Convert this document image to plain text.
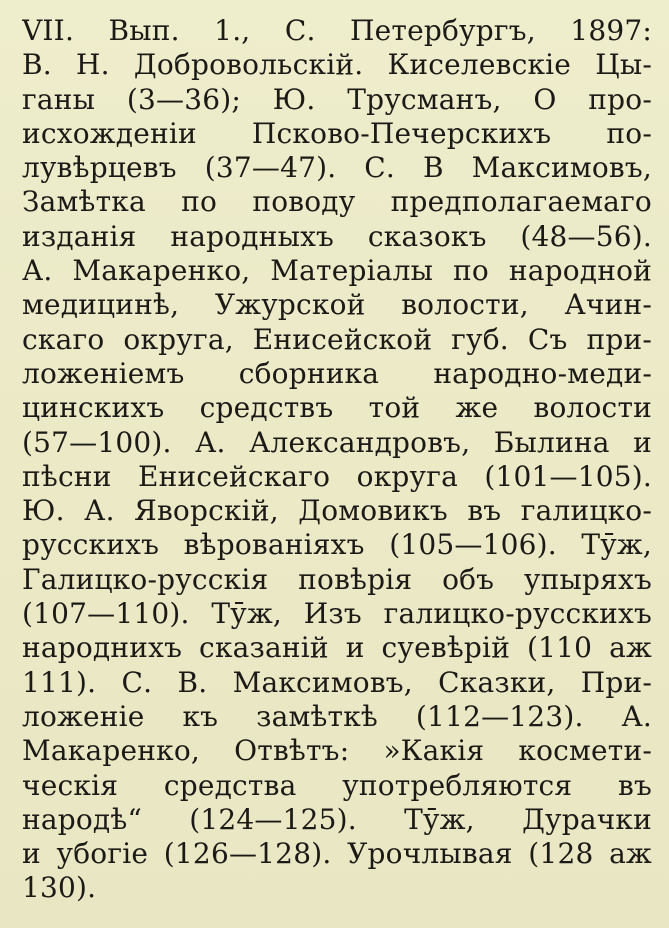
VII. Вып. 1., С. Петербургъ, 1897:
В. Н. Добровольскій. Киселевскіе Цы-
ганы (3—36); Ю. Трусманъ, О про-
исхожденіи Псково-Печерскихъ по-
лувѣрцевъ (37—47). С. В Максимовъ,
Замѣтка по поводу предполагаемаго
изданія народныхъ сказокъ (48—56).
А. Макаренко, Матеріалы по народной
медицинѣ, Ужурской волости, Ачин-
скаго округа, Енисейской губ. Съ при-
ложеніемъ сборника народно-меди-
цинскихъ средствъ той же волости
(57—100). А. Александровъ, Былина и
пѣсни Енисейскаго округа (101—105).
Ю. А. Яворскій, Домовикъ въ галицко-
русскихъ вѣрованіяхъ (105—106). Тӯж,
Галицко-русскія повѣрія объ упыряхъ
(107—110). Тӯж, Изъ галицко-русскихъ
народнихъ сказаній и суевѣрій (110 аж
111). С. В. Максимовъ, Сказки, При-
ложеніе къ замѣткѣ (112—123). А.
Макаренко, Отвѣтъ: »Какія космети-
ческія средства употребляются въ
народѣ“ (124—125). Тӯж, Дурачки
и убогіе (126—128). Урочлывая (128 аж
130).
